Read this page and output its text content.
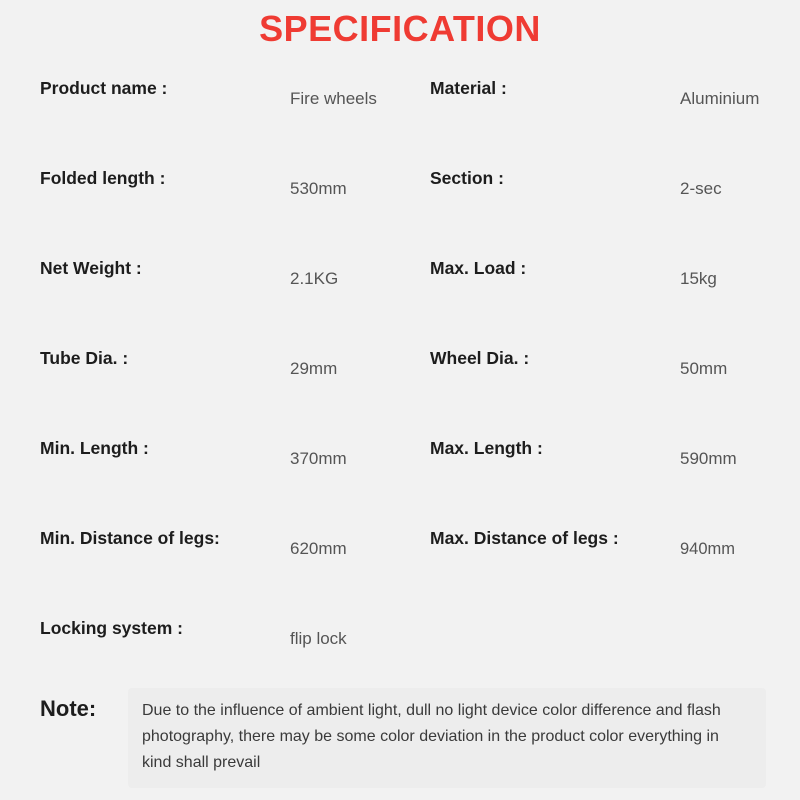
SPECIFICATION
Product name :
Fire wheels
Material :
Aluminium
Folded length :
530mm
Section :
2-sec
Net Weight :
2.1KG
Max. Load :
15kg
Tube Dia. :
29mm
Wheel Dia. :
50mm
Min. Length :
370mm
Max. Length :
590mm
Min. Distance of legs:
620mm
Max. Distance of legs :
940mm
Locking system :
flip lock
Note:	Due to the influence of ambient light, dull no light device color difference and flash photography, there may be some color deviation in the product color everything in kind shall prevail
